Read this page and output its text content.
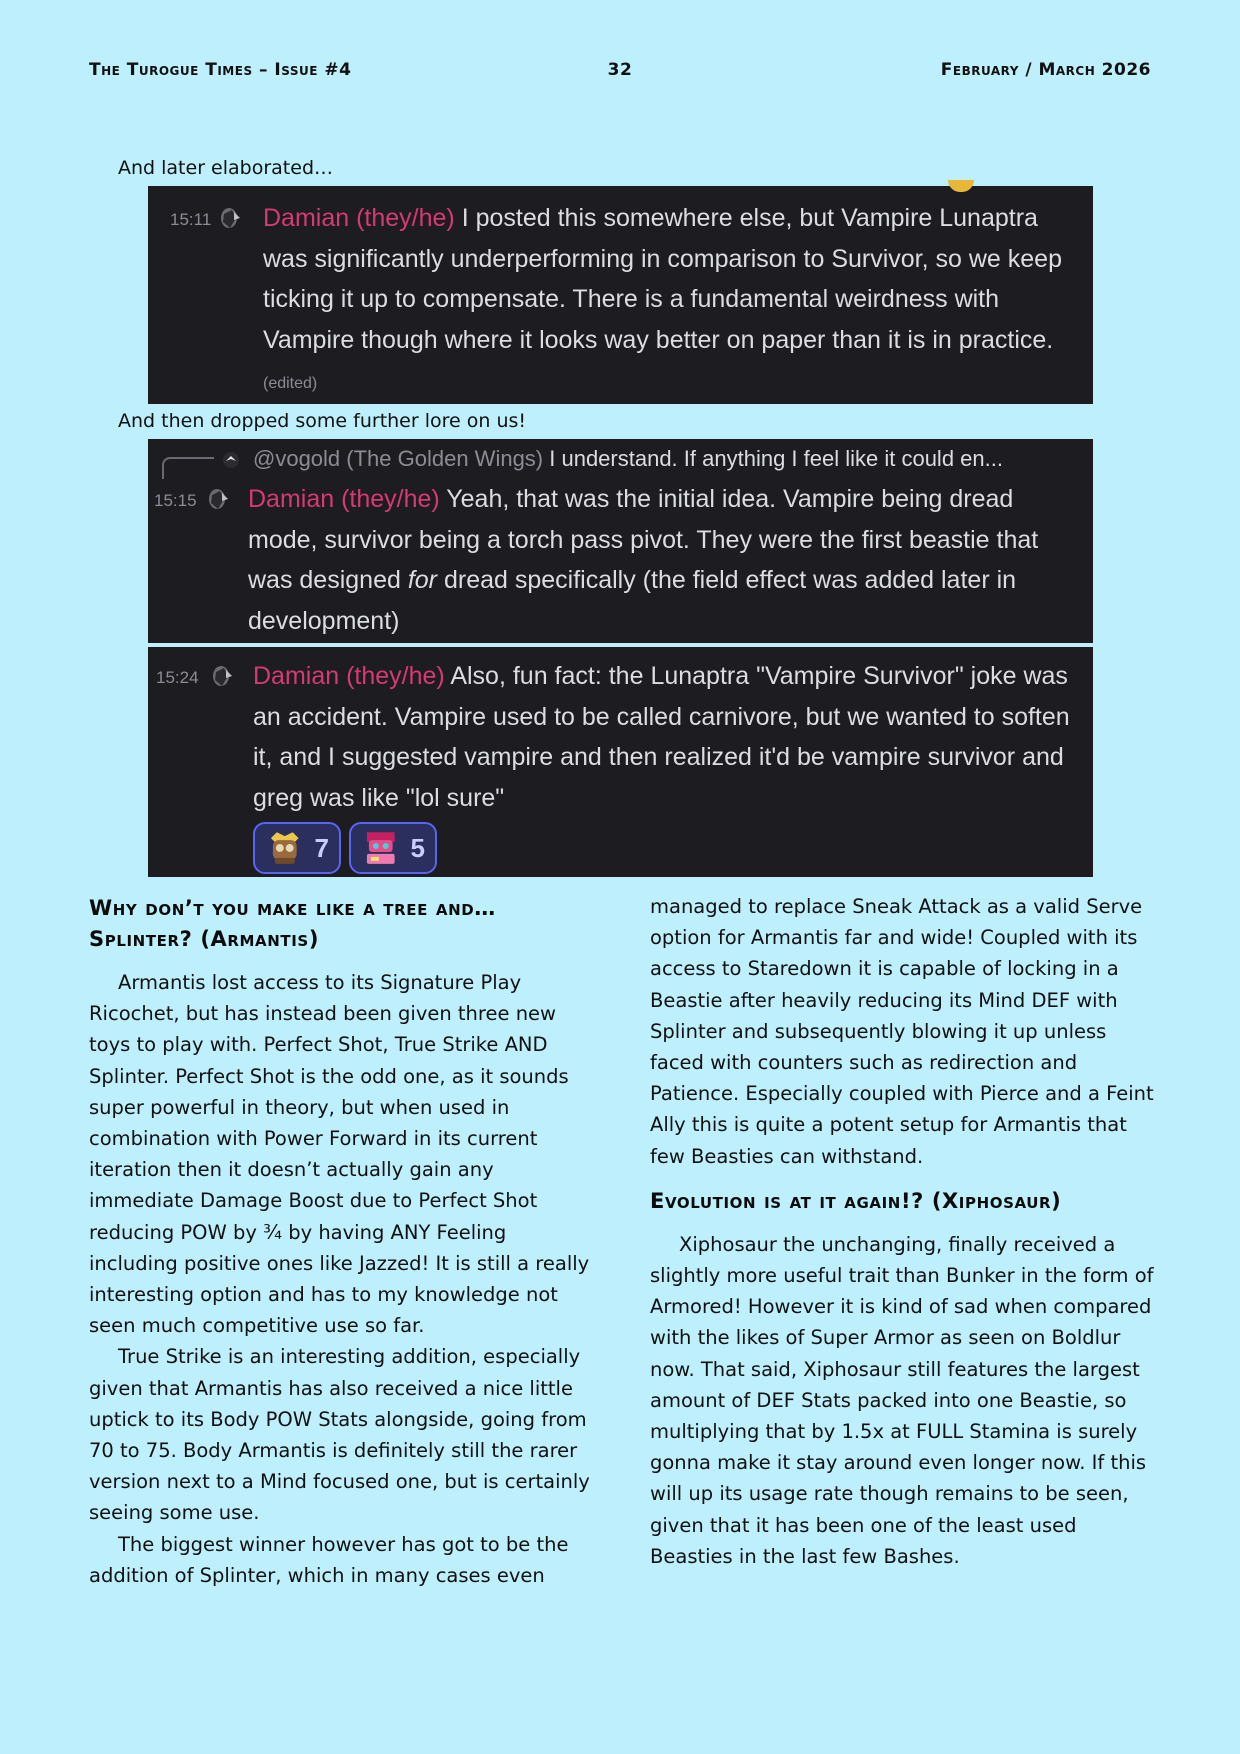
The Turogue Times – Issue #4	32	February / March 2026
And later elaborated…
15:11 Damian (they/he) I posted this somewhere else, but Vampire Lunaptra was significantly underperforming in comparison to Survivor, so we keep ticking it up to compensate. There is a fundamental weirdness with Vampire though where it looks way better on paper than it is in practice. (edited)
And then dropped some further lore on us!
@vogold (The Golden Wings) I understand. If anything I feel like it could en...
15:15 Damian (they/he) Yeah, that was the initial idea. Vampire being dread mode, survivor being a torch pass pivot. They were the first beastie that was designed for dread specifically (the field effect was added later in development)
15:24 Damian (they/he) Also, fun fact: the Lunaptra "Vampire Survivor" joke was an accident. Vampire used to be called carnivore, but we wanted to soften it, and I suggested vampire and then realized it'd be vampire survivor and greg was like "lol sure"
7	5
Why don’t you make like a tree and… Splinter? (Armantis)

Armantis lost access to its Signature Play Ricochet, but has instead been given three new toys to play with. Perfect Shot, True Strike AND Splinter. Perfect Shot is the odd one, as it sounds super powerful in theory, but when used in combination with Power Forward in its current iteration then it doesn’t actually gain any immediate Damage Boost due to Perfect Shot reducing POW by ¾ by having ANY Feeling including positive ones like Jazzed! It is still a really interesting option and has to my knowledge not seen much competitive use so far.

True Strike is an interesting addition, especially given that Armantis has also received a nice little uptick to its Body POW Stats alongside, going from 70 to 75. Body Armantis is definitely still the rarer version next to a Mind focused one, but is certainly seeing some use.

The biggest winner however has got to be the addition of Splinter, which in many cases even

managed to replace Sneak Attack as a valid Serve option for Armantis far and wide! Coupled with its access to Staredown it is capable of locking in a Beastie after heavily reducing its Mind DEF with Splinter and subsequently blowing it up unless faced with counters such as redirection and Patience. Especially coupled with Pierce and a Feint Ally this is quite a potent setup for Armantis that few Beasties can withstand.

Evolution is at it again!? (Xiphosaur)

Xiphosaur the unchanging, finally received a slightly more useful trait than Bunker in the form of Armored! However it is kind of sad when compared with the likes of Super Armor as seen on Boldlur now. That said, Xiphosaur still features the largest amount of DEF Stats packed into one Beastie, so multiplying that by 1.5x at FULL Stamina is surely gonna make it stay around even longer now. If this will up its usage rate though remains to be seen, given that it has been one of the least used Beasties in the last few Bashes.
